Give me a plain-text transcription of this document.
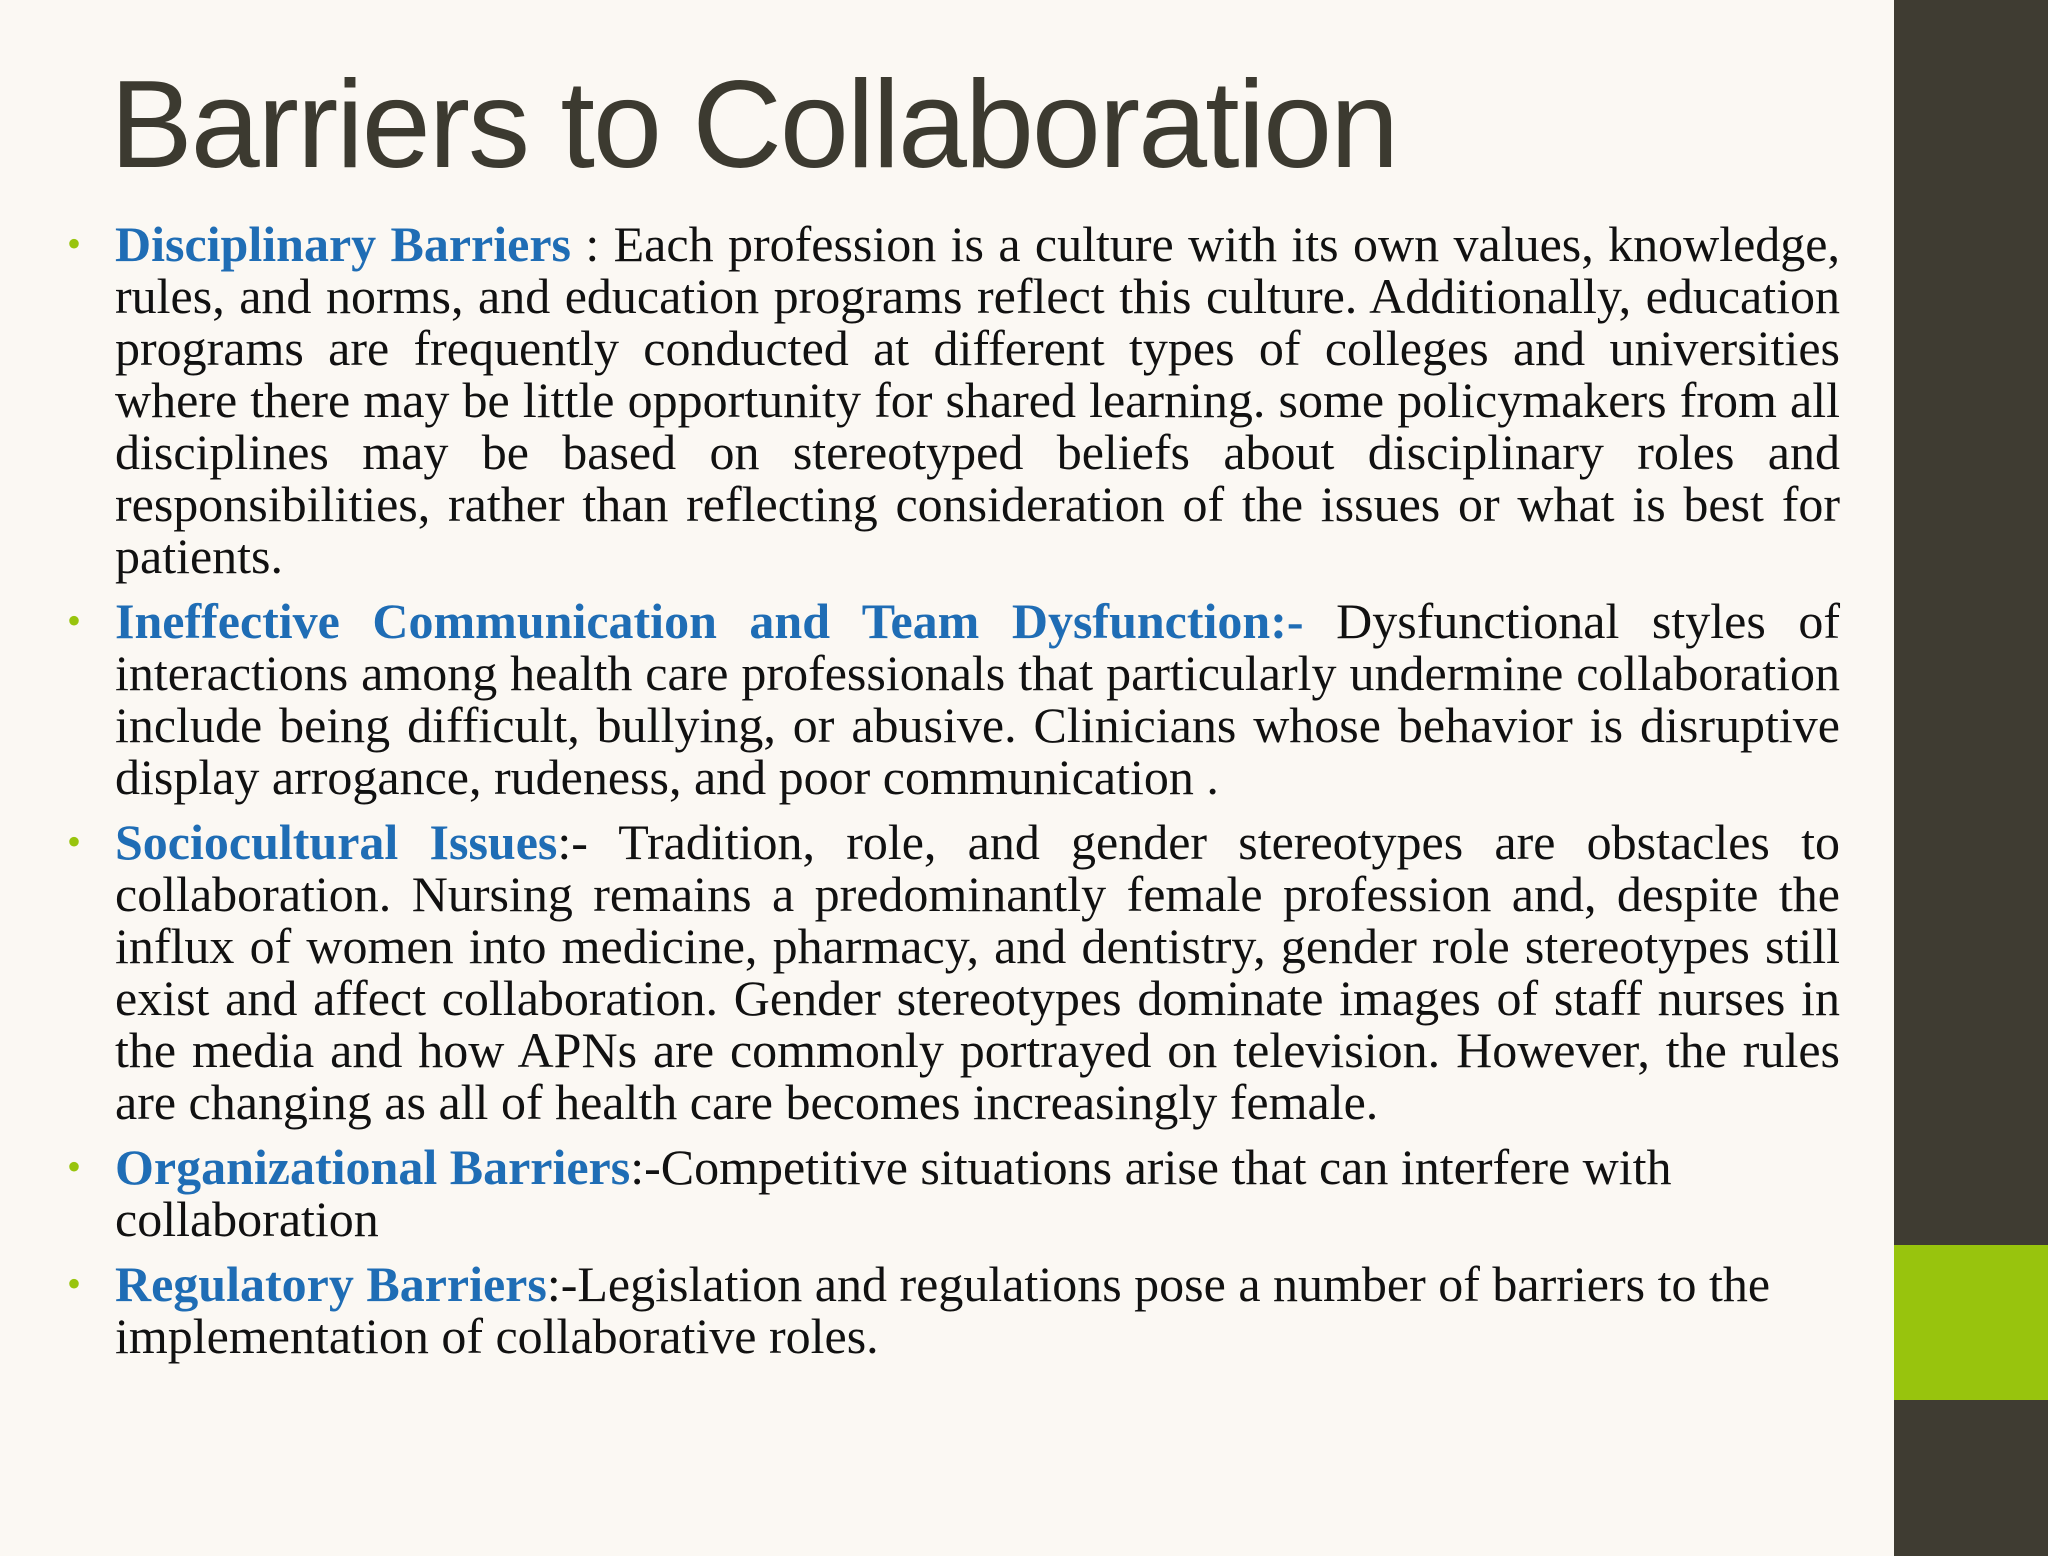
Barriers to Collaboration
• Disciplinary Barriers : Each profession is a culture with its own values, knowledge, rules, and norms, and education programs reflect this culture. Additionally, education programs are frequently conducted at different types of colleges and universities where there may be little opportunity for shared learning. some policymakers from all disciplines may be based on stereotyped beliefs about disciplinary roles and responsibilities, rather than reflecting consideration of the issues or what is best for patients.
• Ineffective Communication and Team Dysfunction:- Dysfunctional styles of interactions among health care professionals that particularly undermine collaboration include being difficult, bullying, or abusive. Clinicians whose behavior is disruptive display arrogance, rudeness, and poor communication .
• Sociocultural Issues:- Tradition, role, and gender stereotypes are obstacles to collaboration. Nursing remains a predominantly female profession and, despite the influx of women into medicine, pharmacy, and dentistry, gender role stereotypes still exist and affect collaboration. Gender stereotypes dominate images of staff nurses in the media and how APNs are commonly portrayed on television. However, the rules are changing as all of health care becomes increasingly female.
• Organizational Barriers:-Competitive situations arise that can interfere with collaboration
• Regulatory Barriers:-Legislation and regulations pose a number of barriers to the implementation of collaborative roles.
